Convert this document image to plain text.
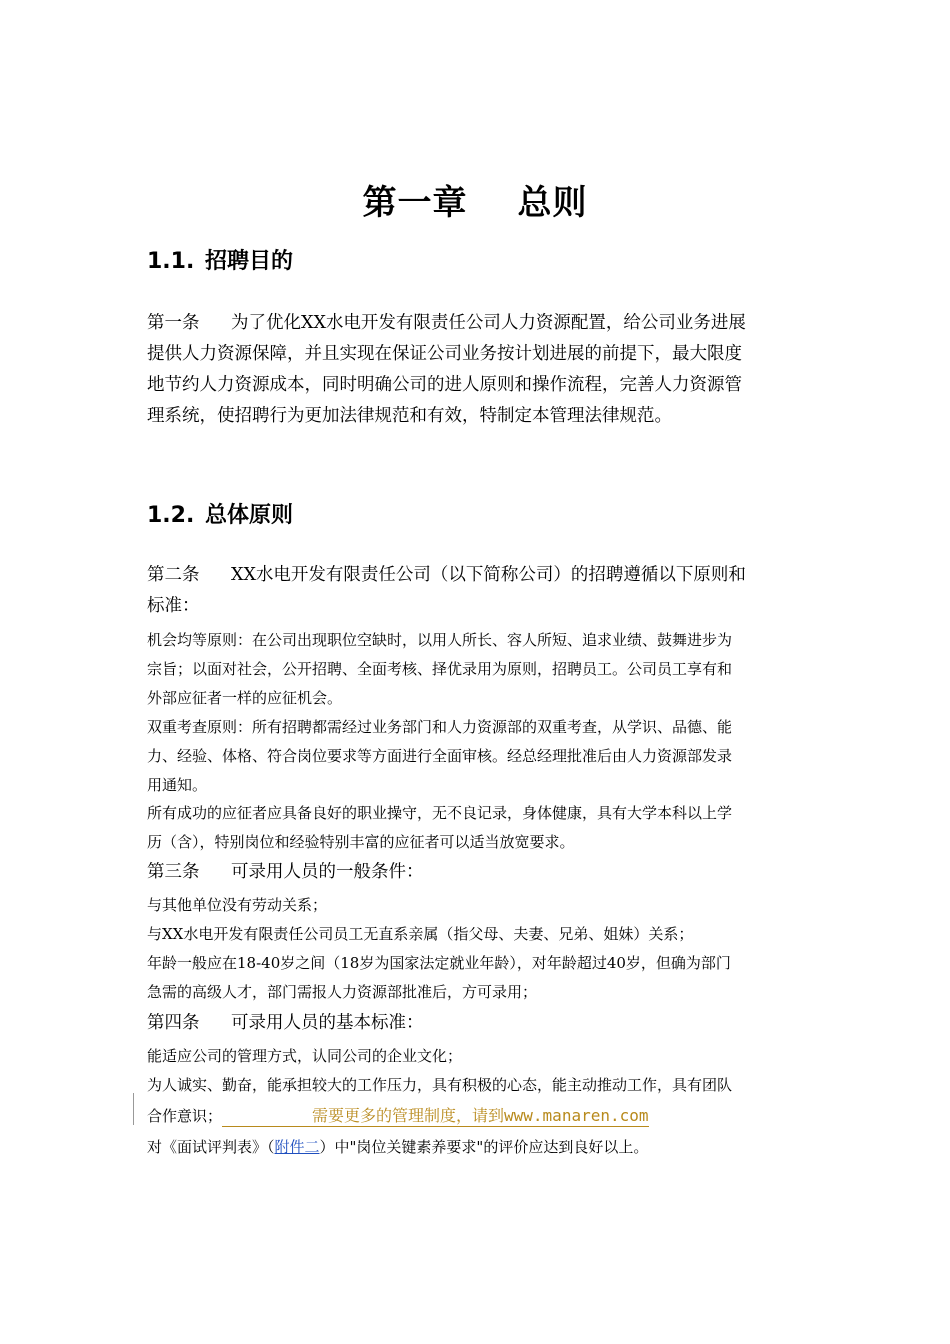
第一章 总则
1.1. 招聘目的
第一条 为了优化XX水电开发有限责任公司人力资源配置，给公司业务进展
提供人力资源保障，并且实现在保证公司业务按计划进展的前提下，最大限度
地节约人力资源成本，同时明确公司的进人原则和操作流程，完善人力资源管
理系统，使招聘行为更加法律规范和有效，特制定本管理法律规范。
1.2. 总体原则
第二条 XX水电开发有限责任公司（以下简称公司）的招聘遵循以下原则和
标准：
机会均等原则：在公司出现职位空缺时，以用人所长、容人所短、追求业绩、鼓舞进步为
宗旨；以面对社会，公开招聘、全面考核、择优录用为原则，招聘员工。公司员工享有和
外部应征者一样的应征机会。
双重考查原则：所有招聘都需经过业务部门和人力资源部的双重考查，从学识、品德、能
力、经验、体格、符合岗位要求等方面进行全面审核。经总经理批准后由人力资源部发录
用通知。
所有成功的应征者应具备良好的职业操守，无不良记录，身体健康，具有大学本科以上学
历（含），特别岗位和经验特别丰富的应征者可以适当放宽要求。
第三条 可录用人员的一般条件：
与其他单位没有劳动关系；
与XX水电开发有限责任公司员工无直系亲属（指父母、夫妻、兄弟、姐妹）关系；
年龄一般应在18-40岁之间（18岁为国家法定就业年龄），对年龄超过40岁，但确为部门
急需的高级人才，部门需报人力资源部批准后，方可录用；
第四条 可录用人员的基本标准：
能适应公司的管理方式，认同公司的企业文化；
为人诚实、勤奋，能承担较大的工作压力，具有积极的心态，能主动推动工作，具有团队
合作意识；	需要更多的管理制度，请到www.manaren.com
对《面试评判表》（附件二）中"岗位关键素养要求"的评价应达到良好以上。
